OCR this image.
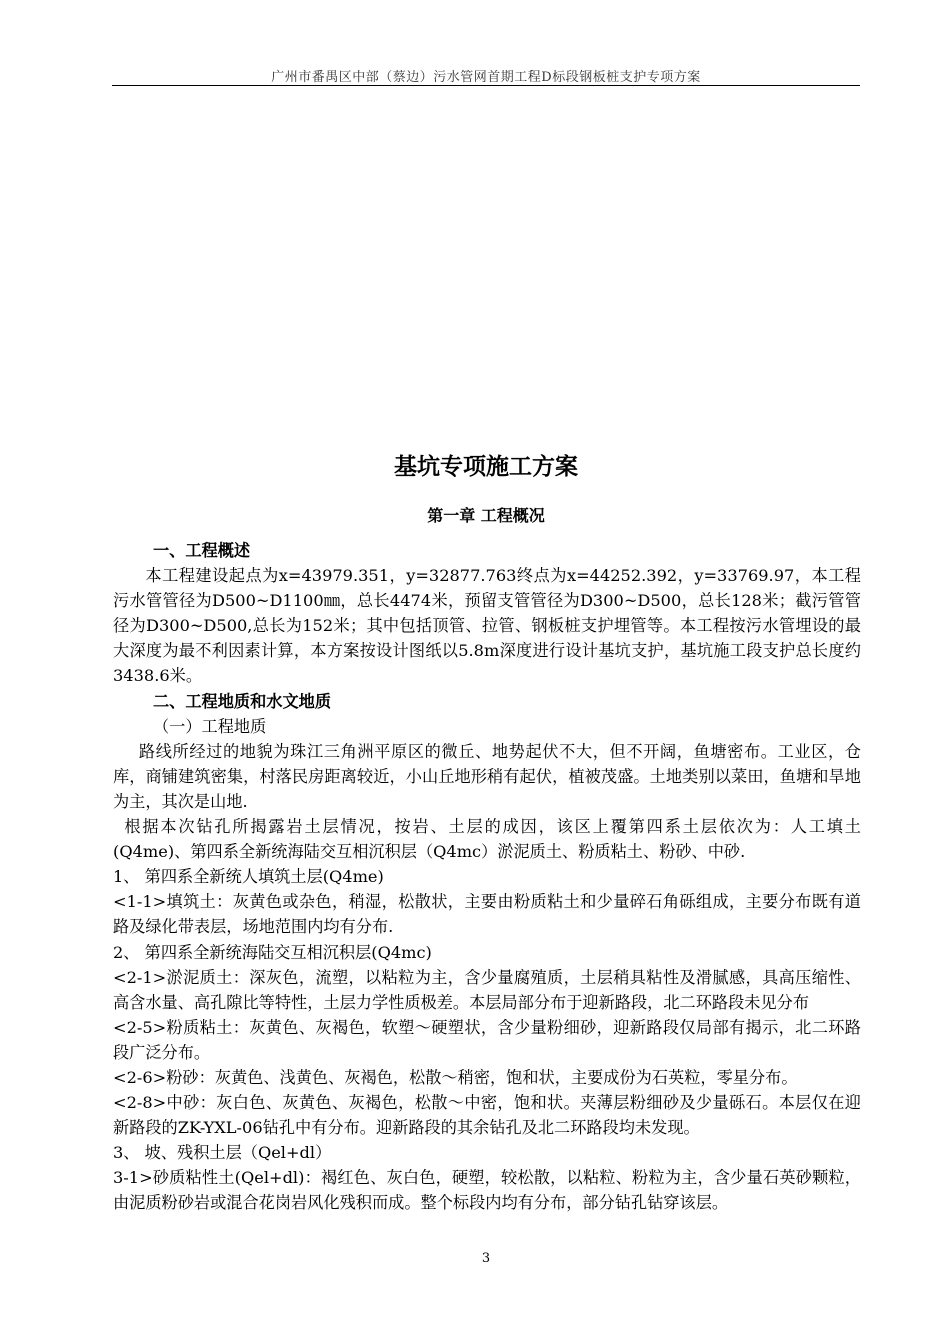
广州市番禺区中部（蔡边）污水管网首期工程D标段钢板桩支护专项方案
基坑专项施工方案
第一章 工程概况

一、工程概述

本工程建设起点为x=43979.351，y=32877.763终点为x=44252.392，y=33769.97，本工程污水管管径为D500~D1100㎜，总长4474米，预留支管管径为D300~D500，总长128米；截污管管径为D300~D500,总长为152米；其中包括顶管、拉管、钢板桩支护埋管等。本工程按污水管埋设的最大深度为最不利因素计算，本方案按设计图纸以5.8m深度进行设计基坑支护，基坑施工段支护总长度约3438.6米。

二、工程地质和水文地质

（一）工程地质

路线所经过的地貌为珠江三角洲平原区的微丘、地势起伏不大，但不开阔，鱼塘密布。工业区，仓库，商铺建筑密集，村落民房距离较近，小山丘地形稍有起伏，植被茂盛。土地类别以菜田，鱼塘和旱地为主，其次是山地.

根据本次钻孔所揭露岩土层情况，按岩、土层的成因，该区上覆第四系土层依次为：人工填土(Q4me)、第四系全新统海陆交互相沉积层（Q4mc）淤泥质土、粉质粘土、粉砂、中砂.

1、 第四系全新统人填筑土层(Q4me)

<1-1>填筑土：灰黄色或杂色，稍湿，松散状，主要由粉质粘土和少量碎石角砾组成，主要分布既有道路及绿化带表层，场地范围内均有分布.

2、 第四系全新统海陆交互相沉积层(Q4mc)

<2-1>淤泥质土：深灰色，流塑，以粘粒为主，含少量腐殖质，土层稍具粘性及滑腻感，具高压缩性、高含水量、高孔隙比等特性，土层力学性质极差。本层局部分布于迎新路段，北二环路段未见分布

<2-5>粉质粘土：灰黄色、灰褐色，软塑～硬塑状，含少量粉细砂，迎新路段仅局部有揭示，北二环路段广泛分布。

<2-6>粉砂：灰黄色、浅黄色、灰褐色，松散～稍密，饱和状，主要成份为石英粒，零星分布。

<2-8>中砂：灰白色、灰黄色、灰褐色，松散～中密，饱和状。夹薄层粉细砂及少量砾石。本层仅在迎新路段的ZK-YXL-06钻孔中有分布。迎新路段的其余钻孔及北二环路段均未发现。

3、 坡、残积土层（Qel+dl）

3-1>砂质粘性土(Qel+dl)：褐红色、灰白色，硬塑，较松散，以粘粒、粉粒为主，含少量石英砂颗粒，由泥质粉砂岩或混合花岗岩风化残积而成。整个标段内均有分布，部分钻孔钻穿该层。

3
